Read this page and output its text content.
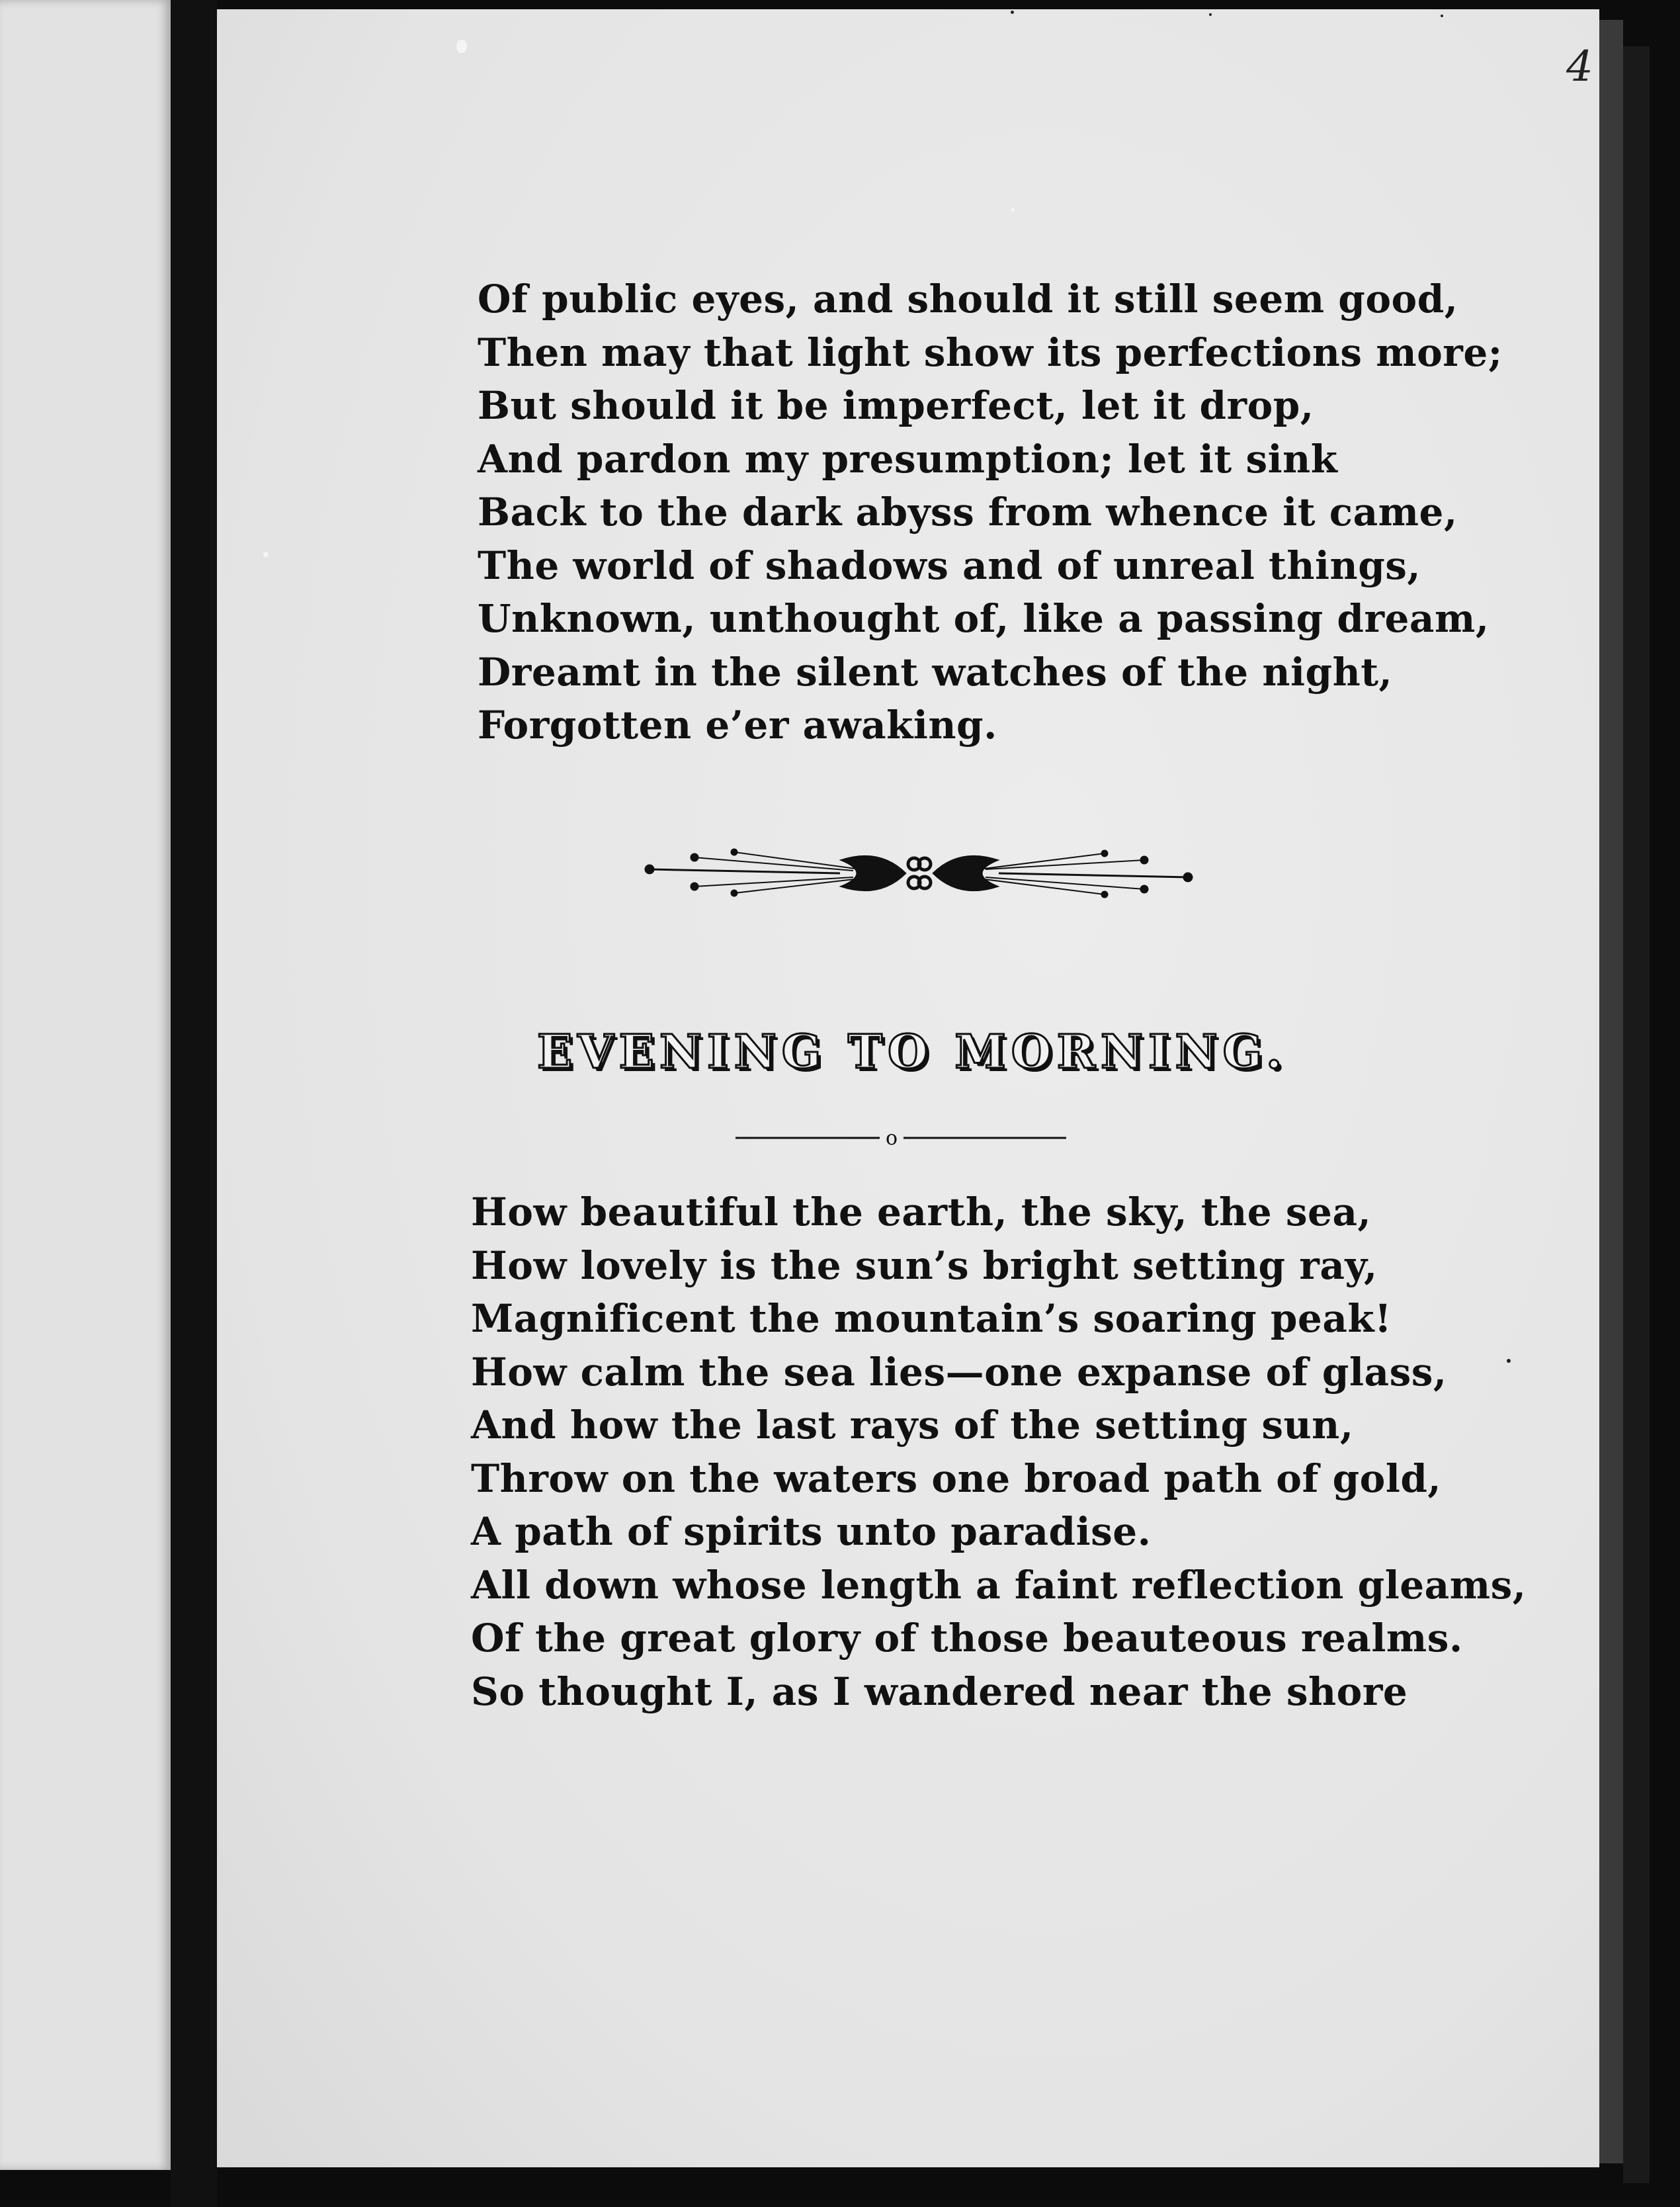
4
Of public eyes, and should it still seem good,
Then may that light show its perfections more;
But should it be imperfect, let it drop,
And pardon my presumption; let it sink
Back to the dark abyss from whence it came,
The world of shadows and of unreal things,
Unknown, unthought of, like a passing dream,
Dreamt in the silent watches of the night,
Forgotten e’er awaking.
EVENING TO MORNING.
o
How beautiful the earth, the sky, the sea,
How lovely is the sun’s bright setting ray,
Magnificent the mountain’s soaring peak!
How calm the sea lies—one expanse of glass,
And how the last rays of the setting sun,
Throw on the waters one broad path of gold,
A path of spirits unto paradise.
All down whose length a faint reflection gleams,
Of the great glory of those beauteous realms.
So thought I, as I wandered near the shore
